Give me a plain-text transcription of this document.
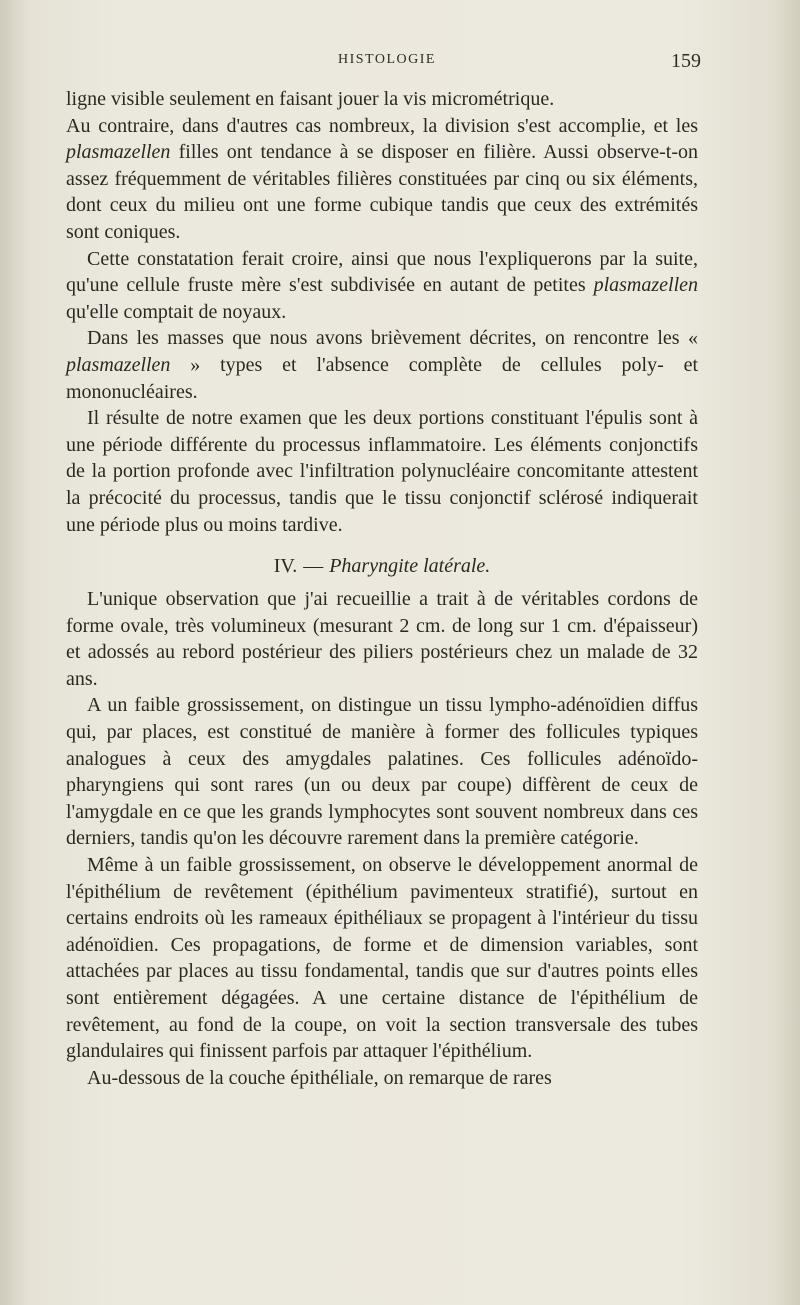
HISTOLOGIE	159

ligne visible seulement en faisant jouer la vis micrométrique.

Au contraire, dans d'autres cas nombreux, la division s'est accomplie, et les plasmazellen filles ont tendance à se disposer en filière. Aussi observe-t-on assez fréquemment de véritables filières constituées par cinq ou six éléments, dont ceux du milieu ont une forme cubique tandis que ceux des extrémités sont coniques.

Cette constatation ferait croire, ainsi que nous l'expliquerons par la suite, qu'une cellule fruste mère s'est subdivisée en autant de petites plasmazellen qu'elle comptait de noyaux.

Dans les masses que nous avons brièvement décrites, on rencontre les « plasmazellen » types et l'absence complète de cellules poly- et mononucléaires.

Il résulte de notre examen que les deux portions constituant l'épulis sont à une période différente du processus inflammatoire. Les éléments conjonctifs de la portion profonde avec l'infiltration polynucléaire concomitante attestent la précocité du processus, tandis que le tissu conjonctif sclérosé indiquerait une période plus ou moins tardive.

IV. — Pharyngite latérale.

L'unique observation que j'ai recueillie a trait à de véritables cordons de forme ovale, très volumineux (mesurant 2 cm. de long sur 1 cm. d'épaisseur) et adossés au rebord postérieur des piliers postérieurs chez un malade de 32 ans.

A un faible grossissement, on distingue un tissu lympho-adénoïdien diffus qui, par places, est constitué de manière à former des follicules typiques analogues à ceux des amygdales palatines. Ces follicules adénoïdo-pharyngiens qui sont rares (un ou deux par coupe) diffèrent de ceux de l'amygdale en ce que les grands lymphocytes sont souvent nombreux dans ces derniers, tandis qu'on les découvre rarement dans la première catégorie.

Même à un faible grossissement, on observe le développement anormal de l'épithélium de revêtement (épithélium pavimenteux stratifié), surtout en certains endroits où les rameaux épithéliaux se propagent à l'intérieur du tissu adénoïdien. Ces propagations, de forme et de dimension variables, sont attachées par places au tissu fondamental, tandis que sur d'autres points elles sont entièrement dégagées. A une certaine distance de l'épithélium de revêtement, au fond de la coupe, on voit la section transversale des tubes glandulaires qui finissent parfois par attaquer l'épithélium.

Au-dessous de la couche épithéliale, on remarque de rares
